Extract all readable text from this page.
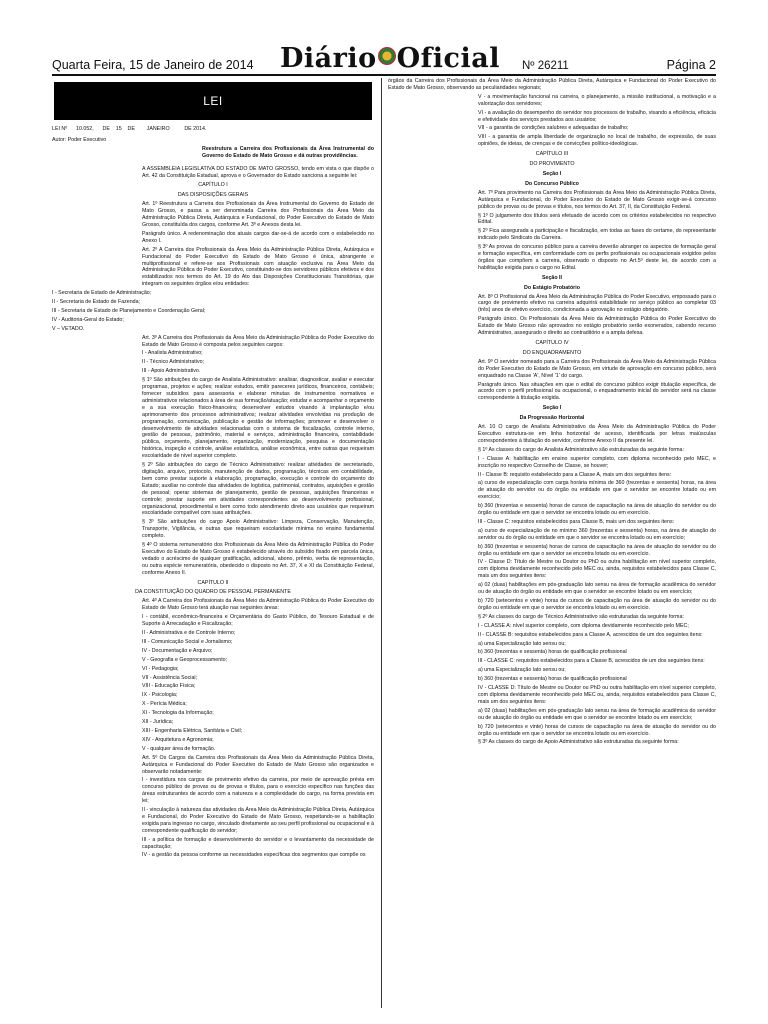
Quarta Feira, 15 de Janeiro de 2014 Diário Oficial Nº 26211	Página 2
LEI
LEI Nº      10.052,      DE    15    DE        JANEIRO          DE 2014.
Autor: Poder Executivo
Reestrutura a Carreira dos Profissionais da Área Instrumental do Governo do Estado de Mato Grosso e dá outras providências.
A ASSEMBLEIA LEGISLATIVA DO ESTADO DE MATO GROSSO, tendo em vista o que dispõe o Art. 42 da Constituição Estadual, aprova e o Governador do Estado sanciona a seguinte lei:
CAPÍTULO I
DAS DISPOSIÇÕES GERAIS
Art. 1º Reestrutura a Carreira dos Profissionais da Área Instrumental do Governo do Estado de Mato Grosso, e passa a ser denominada Carreira dos Profissionais da Área Meio da Administração Pública Direta, Autárquica e Fundacional, do Poder Executivo do Estado de Mato Grosso, constituída dos cargos, conforme Art. 3º e Anexos desta lei.
Parágrafo único. A redenominação dos atuais cargos dar-se-á de acordo com o estabelecido no Anexo I.
Art. 2º A Carreira dos Profissionais da Área Meio da Administração Pública Direta, Autárquica e Fundacional do Poder Executivo do Estado de Mato Grosso é única, abrangente e multiprofissional e refere-se aos Profissionais com atuação exclusiva na Área Meio da Administração Pública do Poder Executivo, constituindo-se dos servidores públicos efetivos e dos estabilizados nos termos do Art. 19 do Ato das Disposições Constitucionais Transitórias, que integram os seguintes órgãos e/ou entidades:
I - Secretaria de Estado de Administração;
II - Secretaria de Estado de Fazenda;
III - Secretaria de Estado de Planejamento e Coordenação Geral;
IV - Auditoria-Geral do Estado;
V – VETADO.
Art. 3º A Carreira dos Profissionais da Área Meio da Administração Pública do Poder Executivo do Estado de Mato Grosso é composta pelos seguintes cargos:
I - Analista Administrativo;
II - Técnico Administrativo;
III - Apoio Administrativo.
§ 1º São atribuições do cargo de Analista Administrativo: analisar, diagnosticar, avaliar e executar programas, projetos e ações; realizar estudos, emitir pareceres jurídicos, financeiros, contábeis; fornecer subsídios para assessoria e elaborar minutas de instrumentos normativos e administrativos relacionados à área de sua formação/atuação; estudar e acompanhar o orçamento e a sua execução físico-financeira; desenvolver estudos visando à implantação e/ou aprimoramento dos processos administrativos; realizar atividades envolvidas na produção de programação, comunicação, publicação e gestão de informações; promover e desenvolver o desenvolvimento de atividades relacionadas com o sistema de fiscalização, controle interno, gestão de pessoas, patrimônio, material e serviços, administração financeira, contabilidade pública, orçamento, planejamento, organização, modernização, pesquisa e documentação histórica, inspeção e controle, análise estatística, análise econômica, entre outras que requeiram escolaridade de nível superior completo.
§ 2º São atribuições do cargo de Técnico Administrativo: realizar atividades de secretariado, digitação, arquivo, protocolo, manutenção de dados, programação, técnicas em contabilidade, bem como prestar suporte à elaboração, programação, execução e controle do orçamento do Estado; auxiliar no controle das atividades de logística, patrimonial, contratos, aquisições e gestão de pessoal; operar sistemas de planejamento, gestão de pessoas, aquisições financeiras e controle; prestar suporte em atividades correspondentes ao desenvolvimento profissional, organizacional, procedimental e bem como todo atendimento direto aos usuários que requeiram escolaridade compatível com suas atribuições.
§ 3º São atribuições do cargo Apoio Administrativo: Limpeza, Conservação, Manutenção, Transporte, Vigilância, e outras que requeiram escolaridade mínima no ensino fundamental completo.
§ 4º O sistema remuneratório dos Profissionais da Área Meio da Administração Pública do Poder Executivo do Estado de Mato Grosso é estabelecido através do subsídio fixado em parcela única, vedado o acréscimo de qualquer gratificação, adicional, abono, prêmio, verba de representação, ou outra espécie remuneratória, obedecido o disposto no Art. 37, X e XI da Constituição Federal, conforme Anexo II.
CAPÍTULO II
DA CONSTITUIÇÃO DO QUADRO DE PESSOAL PERMANENTE
Art. 4º A Carreira dos Profissionais da Área Meio da Administração Pública do Poder Executivo do Estado de Mato Grosso terá atuação nas seguintes áreas:
I - contábil, econômico-financeira e Orçamentária do Gasto Público, do Tesouro Estadual e de Suporte à Arrecadação e Fiscalização;
II - Administrativa e de Controle Interno;
III - Comunicação Social e Jornalismo;
IV - Documentação e Arquivo;
V - Geografia e Geoprocessamento;
VI - Pedagogia;
VII - Assistência Social;
VIII - Educação Física;
IX - Psicologia;
X - Perícia Médica;
XI - Tecnologia da Informação;
XII - Jurídica;
XIII - Engenharia Elétrica, Sanitária e Civil;
XIV - Arquitetura e Agronomia;
V - qualquer área de formação.
Art. 5º Os Cargos da Carreira dos Profissionais da Área Meio da Administração Pública Direta, Autárquica e Fundacional do Poder Executivo do Estado de Mato Grosso são organizados e observarão notadamente:
I - investidura nos cargos de provimento efetivo da carreira, por meio de aprovação prévia em concurso público de provas ou de provas e títulos, para o exercício específico nas funções das áreas estruturantes de acordo com a natureza e a complexidade do cargo, na forma prevista em lei;
II - vinculação à natureza das atividades da Área Meio da Administração Pública Direta, Autárquica e Fundacional, do Poder Executivo do Estado de Mato Grosso, respeitando-se a habilitação exigida para ingresso no cargo, vinculado diretamente ao seu perfil profissional ou ocupacional e à correspondente qualificação do servidor;
III - a política de formação e desenvolvimento do servidor e o levantamento da necessidade de capacitação;
IV - a gestão da pessoa conforme as necessidades específicas dos segmentos que compõe os
órgãos da Carreira dos Profissionais da Área Meio da Administração Pública Direta, Autárquica e Fundacional do Poder Executivo do Estado de Mato Grosso, observando as peculiaridades regionais;
V - a movimentação funcional na carreira, o planejamento, a missão institucional, a motivação e a valorização dos servidores;
VI - a avaliação do desempenho do servidor nos processos de trabalho, visando a eficiência, eficácia e efetividade dos serviços prestados aos usuários;
VII - a garantia de condições salubres e adequadas de trabalho;
VIII - a garantia de ampla liberdade de organização no local de trabalho, de expressão, de suas opiniões, de ideias, de crenças e de convicções político-ideológicas.
CAPÍTULO III
DO PROVIMENTO
Seção I
Do Concurso Público
Art. 7º Para provimento na Carreira dos Profissionais da Área Meio da Administração Pública Direta, Autárquica e Fundacional, do Poder Executivo do Estado de Mato Grosso exigir-se-á concurso público de provas ou de provas e títulos, nos termos do Art. 37, II, da Constituição Federal.
§ 1º O julgamento dos títulos será efetuado de acordo com os critérios estabelecidos no respectivo Edital.
§ 2º Fica assegurada a participação e fiscalização, em todas as fases do certame, do representante indicado pelo Sindicato da Carreira.
§ 3º As provas do concurso público para a carreira deverão abranger os aspectos de formação geral e formação específica, em conformidade com os perfis profissionais ou ocupacionais exigidos pelos órgãos que compõem a carreira, observado o disposto no Art.5º deste lei, de acordo com a habilitação exigida para o cargo no Edital.
Seção II
Do Estágio Probatório
Art. 8º O Profissional da Área Meio da Administração Pública do Poder Executivo, empossado para o cargo de provimento efetivo na carreira adquirirá estabilidade no serviço público ao completar 03 (três) anos de efetivo exercício, condicionada a aprovação no estágio obrigatório.
Parágrafo único. Os Profissionais da Área Meio da Administração Pública do Poder Executivo do Estado de Mato Grosso não aprovados no estágio probatório serão exonerados, cabendo recurso Administrativo, assegurado o direito ao contraditório e a ampla defesa.
CAPÍTULO IV
DO ENQUADRAMENTO
Art. 9º O servidor nomeado para a Carreira dos Profissionais da Área Meio da Administração Pública do Poder Executivo do Estado de Mato Grosso, em virtude de aprovação em concurso público, será enquadrado na Classe 'A', Nível '1' do cargo.
Parágrafo único. Nas situações em que o edital do concurso público exigir titulação específica, de acordo com o perfil profissional ou ocupacional, o enquadramento inicial do servidor será na classe correspondente à titulação exigida.
Seção I
Da Progressão Horizontal
Art. 10 O cargo de Analista Administrativo da Área Meio da Administração Pública do Poder Executivo estrutura-se em linha horizontal de acesso, identificada por letras maiúsculas correspondentes à titulação do servidor, conforme Anexo II da presente lei.
§ 1º As classes do cargo de Analista Administrativo são estruturadas da seguinte forma:
I - Classe A: habilitação em ensino superior completo, com diploma reconhecido pelo MEC, e inscrição no respectivo Conselho de Classe, se houver;
II - Classe B: requisito estabelecido para a Classe A, mais um dos seguintes itens:
a) curso de especialização com carga horária mínima de 360 (trezentas e sessenta) horas, na área de atuação do servidor ou do órgão ou entidade em que o servidor se encontre lotado ou em exercício;
b) 360 (trezentas e sessenta) horas de cursos de capacitação na área de atuação do servidor ou do órgão ou entidade em que o servidor se encontra lotado ou em exercício.
III - Classe C: requisitos estabelecidos para Classe B, mais um dos seguintes itens:
a) curso de especialização de no mínimo 360 (trezentas e sessenta) horas, na área de atuação do servidor ou do órgão ou entidade em que o servidor se encontra lotado ou em exercício;
b) 360 (trezentas e sessenta) horas de cursos de capacitação na área de atuação do servidor ou do órgão ou entidade em que o servidor se encontra lotado ou em exercício.
IV - Classe D: Título de Mestre ou Doutor ou PhD ou outra habilitação em nível superior completo, com diploma devidamente reconhecido pelo MEC ou, ainda, requisitos estabelecidos para Classe C, mais um dos seguintes itens:
a) 02 (duas) habilitações em pós-graduação lato sensu na área de formação acadêmica do servidor ou de atuação do órgão ou entidade em que o servidor se encontre lotado ou em exercício;
b) 720 (setecentos e vinte) horas de cursos de capacitação na área de atuação do servidor ou do órgão ou entidade em que o servidor se encontra lotado ou em exercício.
§ 2º As classes do cargo de Técnico Administrativo são estruturadas da seguinte forma:
I - CLASSE A: nível superior completo, com diploma devidamente reconhecido pelo MEC;
II - CLASSE B: requisitos estabelecidos para a Classe A, acrescidos de um dos seguintes itens:
a) uma Especialização lato sensu ou;
b) 360 (trezentas e sessenta) horas de qualificação profissional
III - CLASSE C: requisitos estabelecidos para a Classe B, acrescidos de um dos seguintes itens:
a) uma Especialização lato sensu ou;
b) 360 (trezentas e sessenta) horas de qualificação profissional
IV - CLASSE D: Título de Mestre ou Doutor ou PhD ou outra habilitação em nível superior completo, com diploma devidamente reconhecido pelo MEC ou, ainda, requisitos estabelecidos para Classe C, mais um dos seguintes itens:
a) 02 (duas) habilitações em pós-graduação lato sensu na área de formação acadêmica do servidor ou de atuação do órgão ou entidade em que o servidor se encontre lotado ou em exercício;
b) 720 (setecentos e vinte) horas de cursos de capacitação na área de atuação do servidor ou do órgão ou entidade em que o servidor se encontra lotado ou em exercício.
§ 3º As classes do cargo de Apoio Administrativo são estruturadas da seguinte forma:
